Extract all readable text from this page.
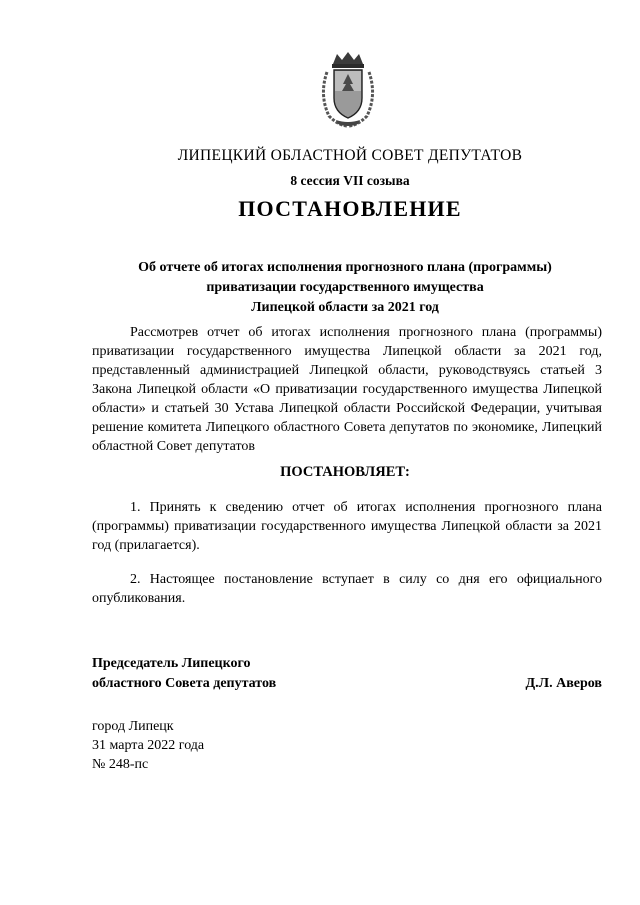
ЛИПЕЦКИЙ ОБЛАСТНОЙ СОВЕТ ДЕПУТАТОВ
8 сессия VII созыва
ПОСТАНОВЛЕНИЕ
Об отчете об итогах исполнения прогнозного плана (программы)
приватизации государственного имущества
Липецкой области за 2021 год
Рассмотрев отчет об итогах исполнения прогнозного плана (программы) приватизации государственного имущества Липецкой области за 2021 год, представленный администрацией Липецкой области, руководствуясь статьей 3 Закона Липецкой области «О приватизации государственного имущества Липецкой области» и статьей 30 Устава Липецкой области Российской Федерации, учитывая решение комитета Липецкого областного Совета депутатов по экономике, Липецкий областной Совет депутатов
ПОСТАНОВЛЯЕТ:
1. Принять к сведению отчет об итогах исполнения прогнозного плана (программы) приватизации государственного имущества Липецкой области за 2021 год (прилагается).
2. Настоящее постановление вступает в силу со дня его официального опубликования.
Председатель Липецкого
областного Совета депутатов	Д.Л. Аверов
город Липецк
31 марта 2022 года
№ 248-пс
